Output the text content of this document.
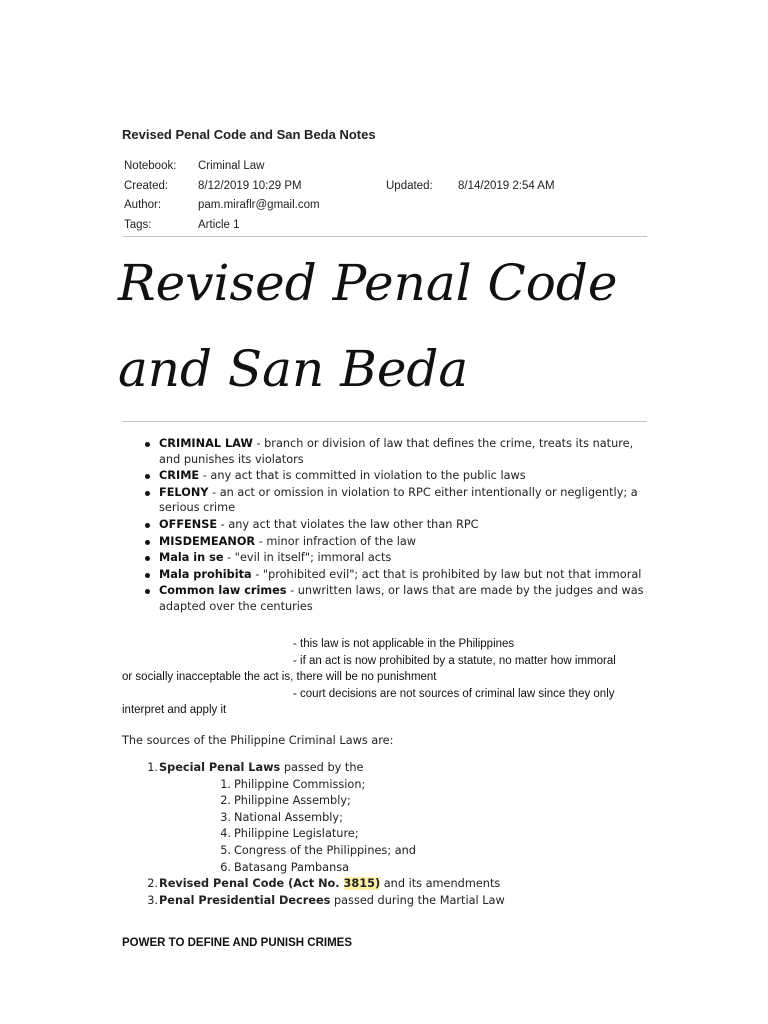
Revised Penal Code and San Beda Notes
Notebook: Criminal Law
Created:	8/12/2019 10:29 PM	Updated: 8/14/2019 2:54 AM
Author:	pam.miraflr@gmail.com
Tags:	Article 1
Revised Penal Code
and San Beda
CRIMINAL LAW - branch or division of law that defines the crime, treats its nature, and punishes its violators
CRIME - any act that is committed in violation to the public laws
FELONY - an act or omission in violation to RPC either intentionally or negligently; a serious crime
OFFENSE - any act that violates the law other than RPC
MISDEMEANOR - minor infraction of the law
Mala in se - "evil in itself"; immoral acts
Mala prohibita - "prohibited evil"; act that is prohibited by law but not that immoral
Common law crimes - unwritten laws, or laws that are made by the judges and was adapted over the centuries

- this law is not applicable in the Philippines

- if an act is now prohibited by a statute, no matter how immoral

or socially inacceptable the act is, there will be no punishment

- court decisions are not sources of criminal law since they only

interpret and apply it

The sources of the Philippine Criminal Laws are:

1. Special Penal Laws passed by the
1. Philippine Commission;
2. Philippine Assembly;
3. National Assembly;
4. Philippine Legislature;
5. Congress of the Philippines; and
6. Batasang Pambansa
2. Revised Penal Code (Act No. 3815) and its amendments
3. Penal Presidential Decrees passed during the Martial Law
POWER TO DEFINE AND PUNISH CRIMES
